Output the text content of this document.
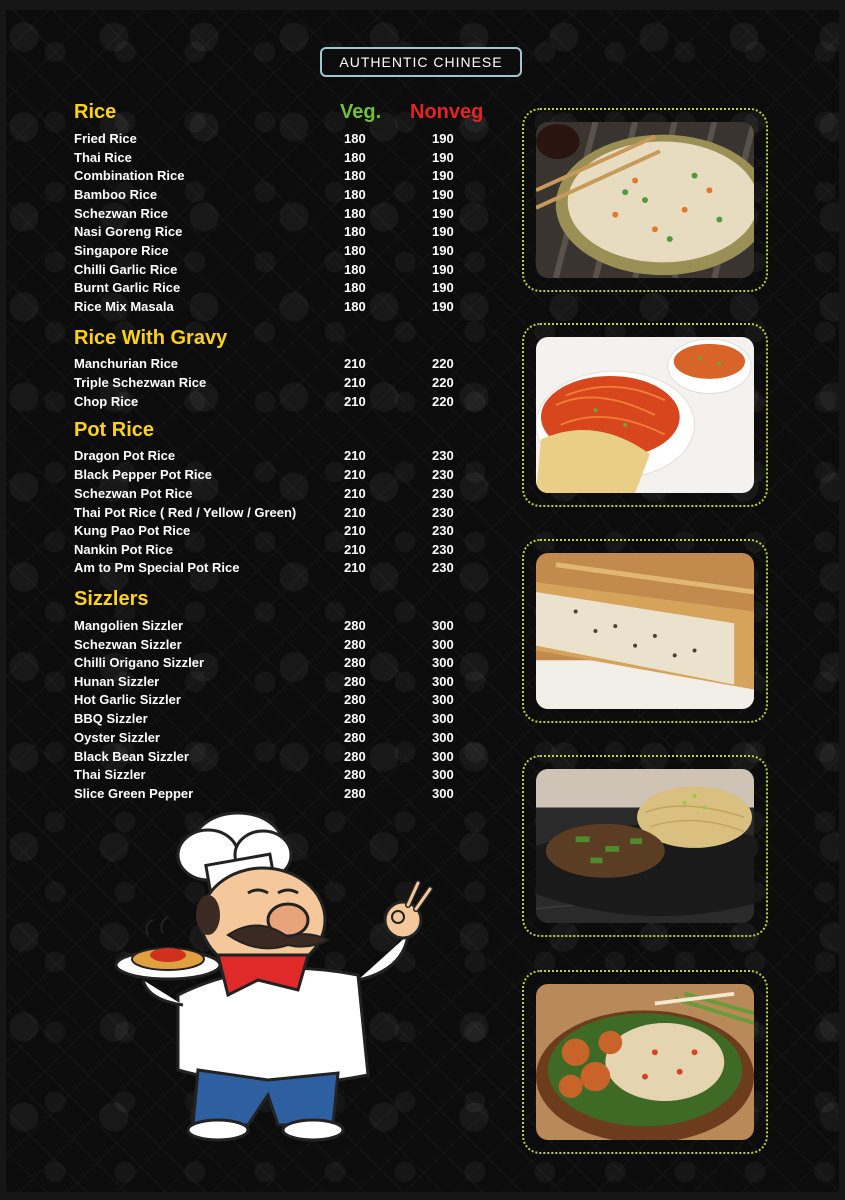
AUTHENTIC CHINESE
Veg. Nonveg
Rice
Fried Rice	180	190
Thai Rice	180	190
Combination Rice	180	190
Bamboo Rice	180	190
Schezwan Rice	180	190
Nasi Goreng Rice	180	190
Singapore Rice	180	190
Chilli Garlic Rice	180	190
Burnt Garlic Rice	180	190
Rice Mix Masala	180	190
Rice With Gravy
Manchurian Rice	210	220
Triple Schezwan Rice	210	220
Chop Rice	210	220
Pot Rice
Dragon Pot Rice	210	230
Black Pepper Pot Rice	210	230
Schezwan Pot Rice	210	230
Thai Pot Rice ( Red / Yellow / Green)	210	230
Kung Pao Pot Rice	210	230
Nankin Pot Rice	210	230
Am to Pm Special Pot Rice	210	230
Sizzlers
Mangolien Sizzler	280	300
Schezwan Sizzler	280	300
Chilli Origano Sizzler	280	300
Hunan Sizzler	280	300
Hot Garlic Sizzler	280	300
BBQ Sizzler	280	300
Oyster Sizzler	280	300
Black Bean Sizzler	280	300
Thai Sizzler	280	300
Slice Green Pepper	280	300
